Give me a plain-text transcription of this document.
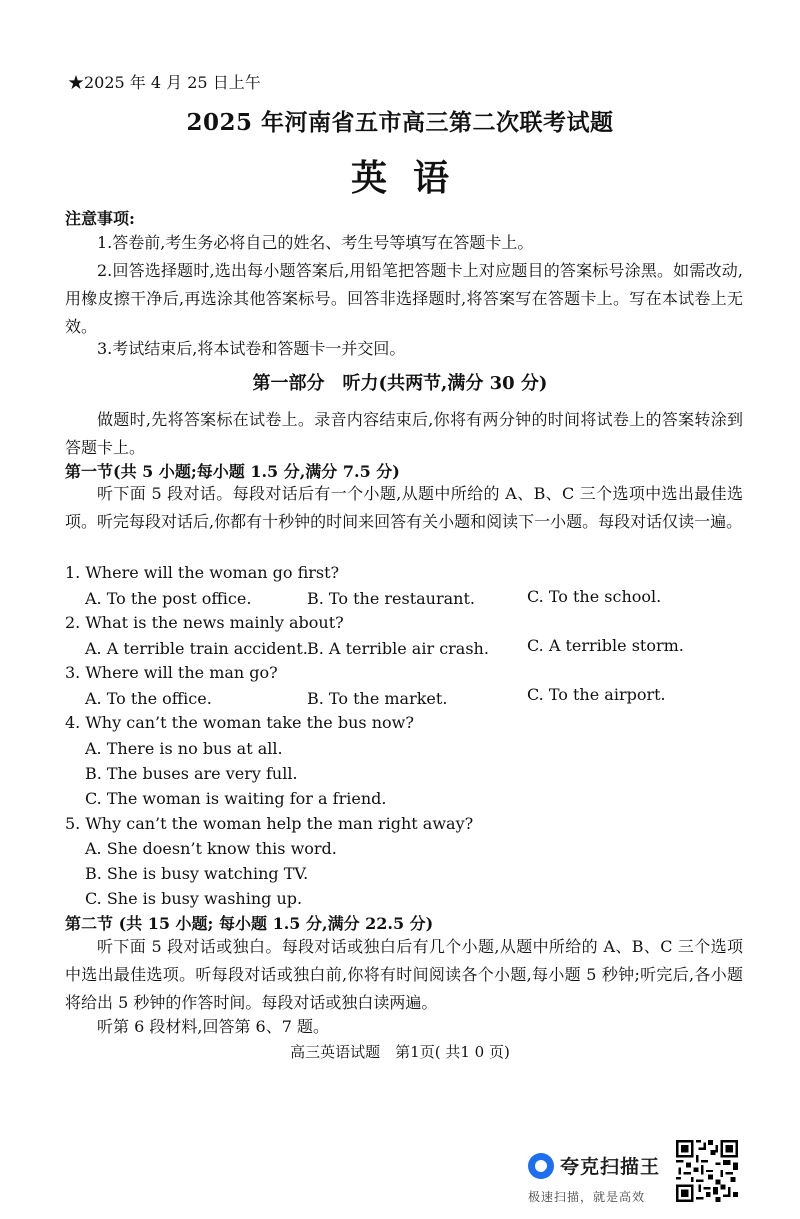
★2025 年 4 月 25 日上午
2025 年河南省五市高三第二次联考试题
英语
注意事项:
1.答卷前,考生务必将自己的姓名、考生号等填写在答题卡上。
2.回答选择题时,选出每小题答案后,用铅笔把答题卡上对应题目的答案标号涂黑。如需改动,用橡皮擦干净后,再选涂其他答案标号。回答非选择题时,将答案写在答题卡上。写在本试卷上无效。
3.考试结束后,将本试卷和答题卡一并交回。
第一部分　听力(共两节,满分 30 分)
做题时,先将答案标在试卷上。录音内容结束后,你将有两分钟的时间将试卷上的答案转涂到答题卡上。
第一节(共 5 小题;每小题 1.5 分,满分 7.5 分)
听下面 5 段对话。每段对话后有一个小题,从题中所给的 A、B、C 三个选项中选出最佳选项。听完每段对话后,你都有十秒钟的时间来回答有关小题和阅读下一小题。每段对话仅读一遍。
1. Where will the woman go first?
A. To the post office.	B. To the restaurant.	C. To the school.
2. What is the news mainly about?
A. A terrible train accident. B. A terrible air crash. C. A terrible storm.
3. Where will the man go?
A. To the office.	B. To the market.	C. To the airport.
4. Why can’t the woman take the bus now?
A. There is no bus at all.
B. The buses are very full.
C. The woman is waiting for a friend.
5. Why can’t the woman help the man right away?
A. She doesn’t know this word.
B. She is busy watching TV.
C. She is busy washing up.
第二节 (共 15 小题; 每小题 1.5 分,满分 22.5 分)
听下面 5 段对话或独白。每段对话或独白后有几个小题,从题中所给的 A、B、C 三个选项中选出最佳选项。听每段对话或独白前,你将有时间阅读各个小题,每小题 5 秒钟;听完后,各小题将给出 5 秒钟的作答时间。每段对话或独白读两遍。
听第 6 段材料,回答第 6、7 题。
高三英语试题　第1页( 共1 0 页)
夸克扫描王
极速扫描，就是高效
